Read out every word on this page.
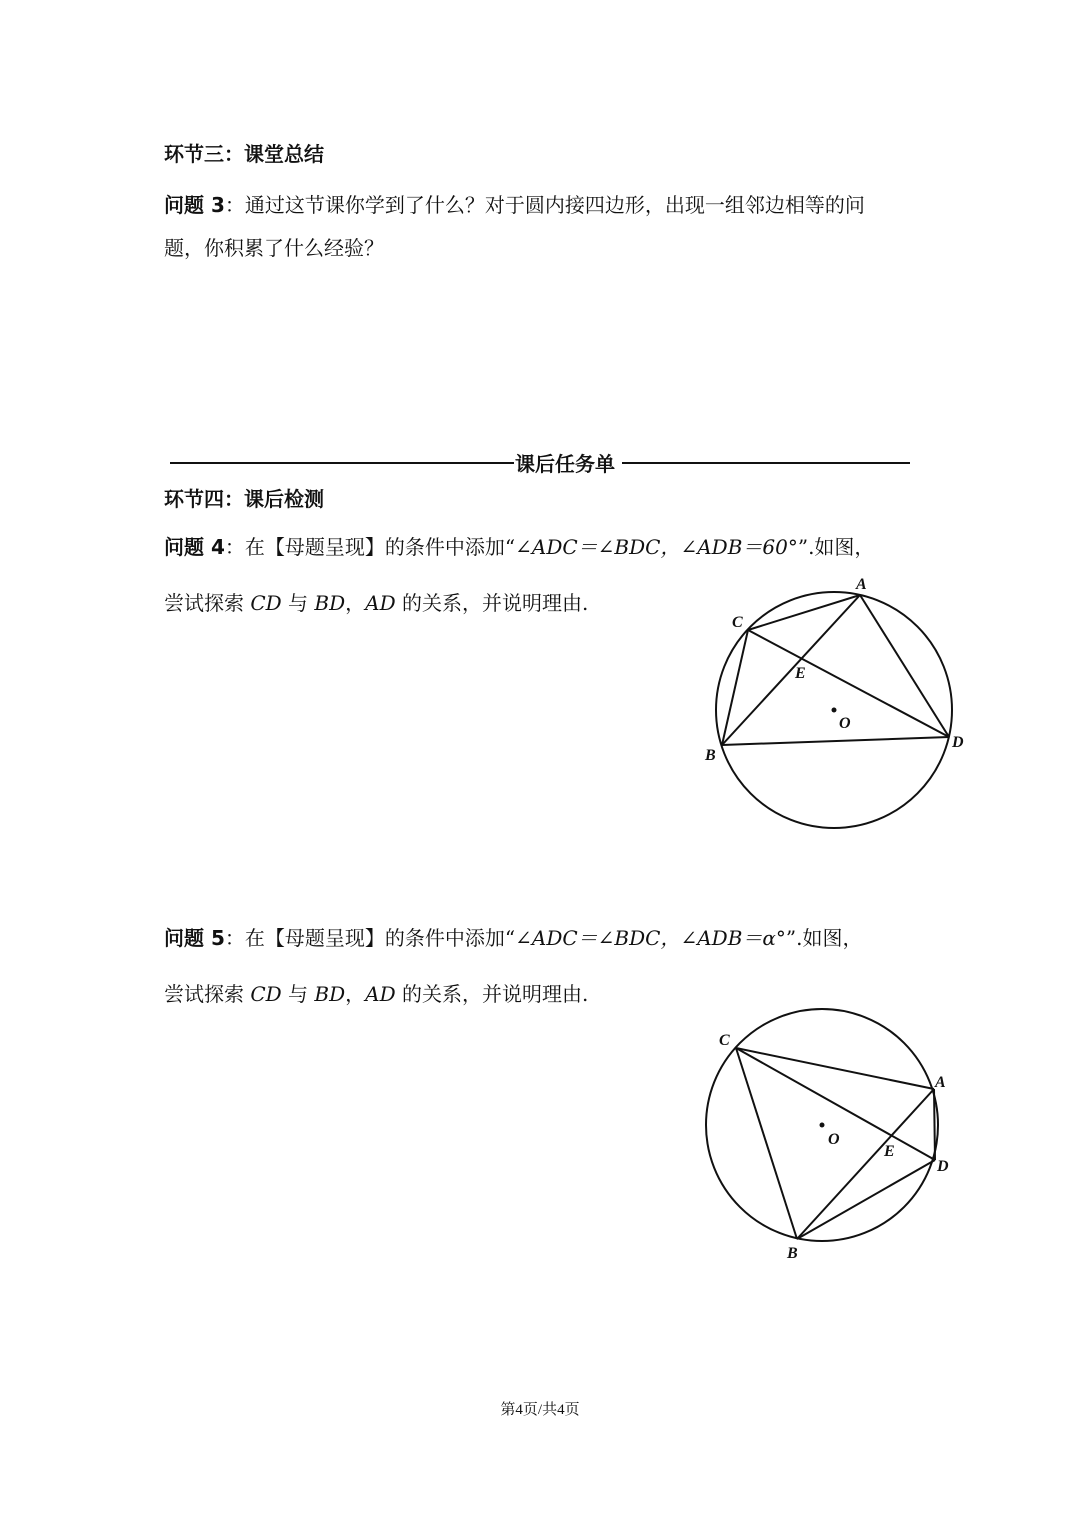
环节三：课堂总结
问题 3：通过这节课你学到了什么？对于圆内接四边形，出现一组邻边相等的问
题，你积累了什么经验？
课后任务单
环节四：课后检测
问题 4：在【母题呈现】的条件中添加“∠ADC＝∠BDC，∠ADB＝60°”.如图，
尝试探索 CD 与 BD，AD 的关系，并说明理由.
A
C
E
O
B
D
问题 5：在【母题呈现】的条件中添加“∠ADC＝∠BDC，∠ADB＝α°”.如图，
尝试探索 CD 与 BD，AD 的关系，并说明理由.
C
A
O
E
D
B
第4页/共4页
